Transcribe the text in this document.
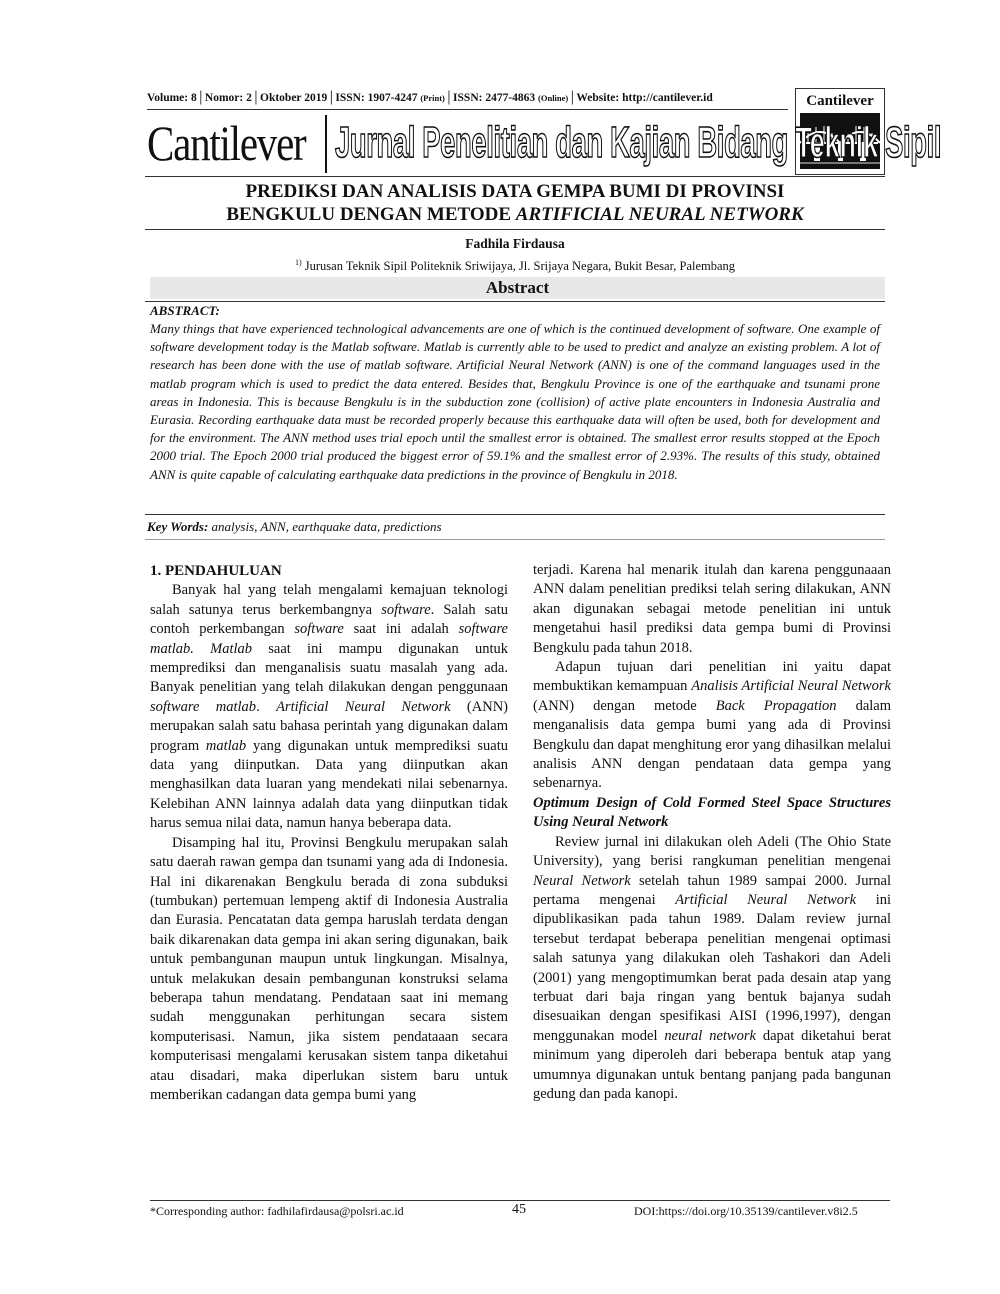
Volume: 8│Nomor: 2│Oktober 2019│ISSN: 1907-4247 (Print)│ISSN: 2477-4863 (Online)│Website: http://cantilever.id	Cantilever
Cantilever Jurnal Penelitian dan Kajian Bidang Teknik Sipil
PREDIKSI DAN ANALISIS DATA GEMPA BUMI DI PROVINSI
BENGKULU DENGAN METODE ARTIFICIAL NEURAL NETWORK
Fadhila Firdausa
$^{1)}$ Jurusan Teknik Sipil Politeknik Sriwijaya, Jl. Srijaya Negara, Bukit Besar, Palembang
Abstract
ABSTRACT:
Many things that have experienced technological advancements are one of which is the continued development of software. One example of software development today is the Matlab software. Matlab is currently able to be used to predict and analyze an existing problem. A lot of research has been done with the use of matlab software. Artificial Neural Network (ANN) is one of the command languages used in the matlab program which is used to predict the data entered. Besides that, Bengkulu Province is one of the earthquake and tsunami prone areas in Indonesia. This is because Bengkulu is in the subduction zone (collision) of active plate encounters in Indonesia Australia and Eurasia. Recording earthquake data must be recorded properly because this earthquake data will often be used, both for development and for the environment. The ANN method uses trial epoch until the smallest error is obtained. The smallest error results stopped at the Epoch 2000 trial. The Epoch 2000 trial produced the biggest error of 59.1% and the smallest error of 2.93%. The results of this study, obtained ANN is quite capable of calculating earthquake data predictions in the province of Bengkulu in 2018.
Key Words: analysis, ANN, earthquake data, predictions

1. PENDAHULUAN

Banyak hal yang telah mengalami kemajuan teknologi salah satunya terus berkembangnya software. Salah satu contoh perkembangan software saat ini adalah software matlab. Matlab saat ini mampu digunakan untuk memprediksi dan menganalisis suatu masalah yang ada. Banyak penelitian yang telah dilakukan dengan penggunaan software matlab. Artificial Neural Network (ANN) merupakan salah satu bahasa perintah yang digunakan dalam program matlab yang digunakan untuk memprediksi suatu data yang diinputkan. Data yang diinputkan akan menghasilkan data luaran yang mendekati nilai sebenarnya. Kelebihan ANN lainnya adalah data yang diinputkan tidak harus semua nilai data, namun hanya beberapa data.

Disamping hal itu, Provinsi Bengkulu merupakan salah satu daerah rawan gempa dan tsunami yang ada di Indonesia. Hal ini dikarenakan Bengkulu berada di zona subduksi (tumbukan) pertemuan lempeng aktif di Indonesia Australia dan Eurasia. Pencatatan data gempa haruslah terdata dengan baik dikarenakan data gempa ini akan sering digunakan, baik untuk pembangunan maupun untuk lingkungan. Misalnya, untuk melakukan desain pembangunan konstruksi selama beberapa tahun mendatang. Pendataan saat ini memang sudah menggunakan perhitungan secara sistem komputerisasi. Namun, jika sistem pendataaan secara komputerisasi mengalami kerusakan sistem tanpa diketahui atau disadari, maka diperlukan sistem baru untuk memberikan cadangan data gempa bumi yang

terjadi. Karena hal menarik itulah dan karena penggunaaan ANN dalam penelitian prediksi telah sering dilakukan, ANN akan digunakan sebagai metode penelitian ini untuk mengetahui hasil prediksi data gempa bumi di Provinsi Bengkulu pada tahun 2018.

Adapun tujuan dari penelitian ini yaitu dapat membuktikan kemampuan Analisis Artificial Neural Network (ANN) dengan metode Back Propagation dalam menganalisis data gempa bumi yang ada di Provinsi Bengkulu dan dapat menghitung eror yang dihasilkan melalui analisis ANN dengan pendataan data gempa yang sebenarnya.

Optimum Design of Cold Formed Steel Space Structures Using Neural Network

Review jurnal ini dilakukan oleh Adeli (The Ohio State University), yang berisi rangkuman penelitian mengenai Neural Network setelah tahun 1989 sampai 2000. Jurnal pertama mengenai Artificial Neural Network ini dipublikasikan pada tahun 1989. Dalam review jurnal tersebut terdapat beberapa penelitian mengenai optimasi salah satunya yang dilakukan oleh Tashakori dan Adeli (2001) yang mengoptimumkan berat pada desain atap yang terbuat dari baja ringan yang bentuk bajanya sudah disesuaikan dengan spesifikasi AISI (1996,1997), dengan menggunakan model neural network dapat diketahui berat minimum yang diperoleh dari beberapa bentuk atap yang umumnya digunakan untuk bentang panjang pada bangunan gedung dan pada kanopi.

*Corresponding author: fadhilafirdausa@polsri.ac.id	45	DOI:https://doi.org/10.35139/cantilever.v8i2.5
